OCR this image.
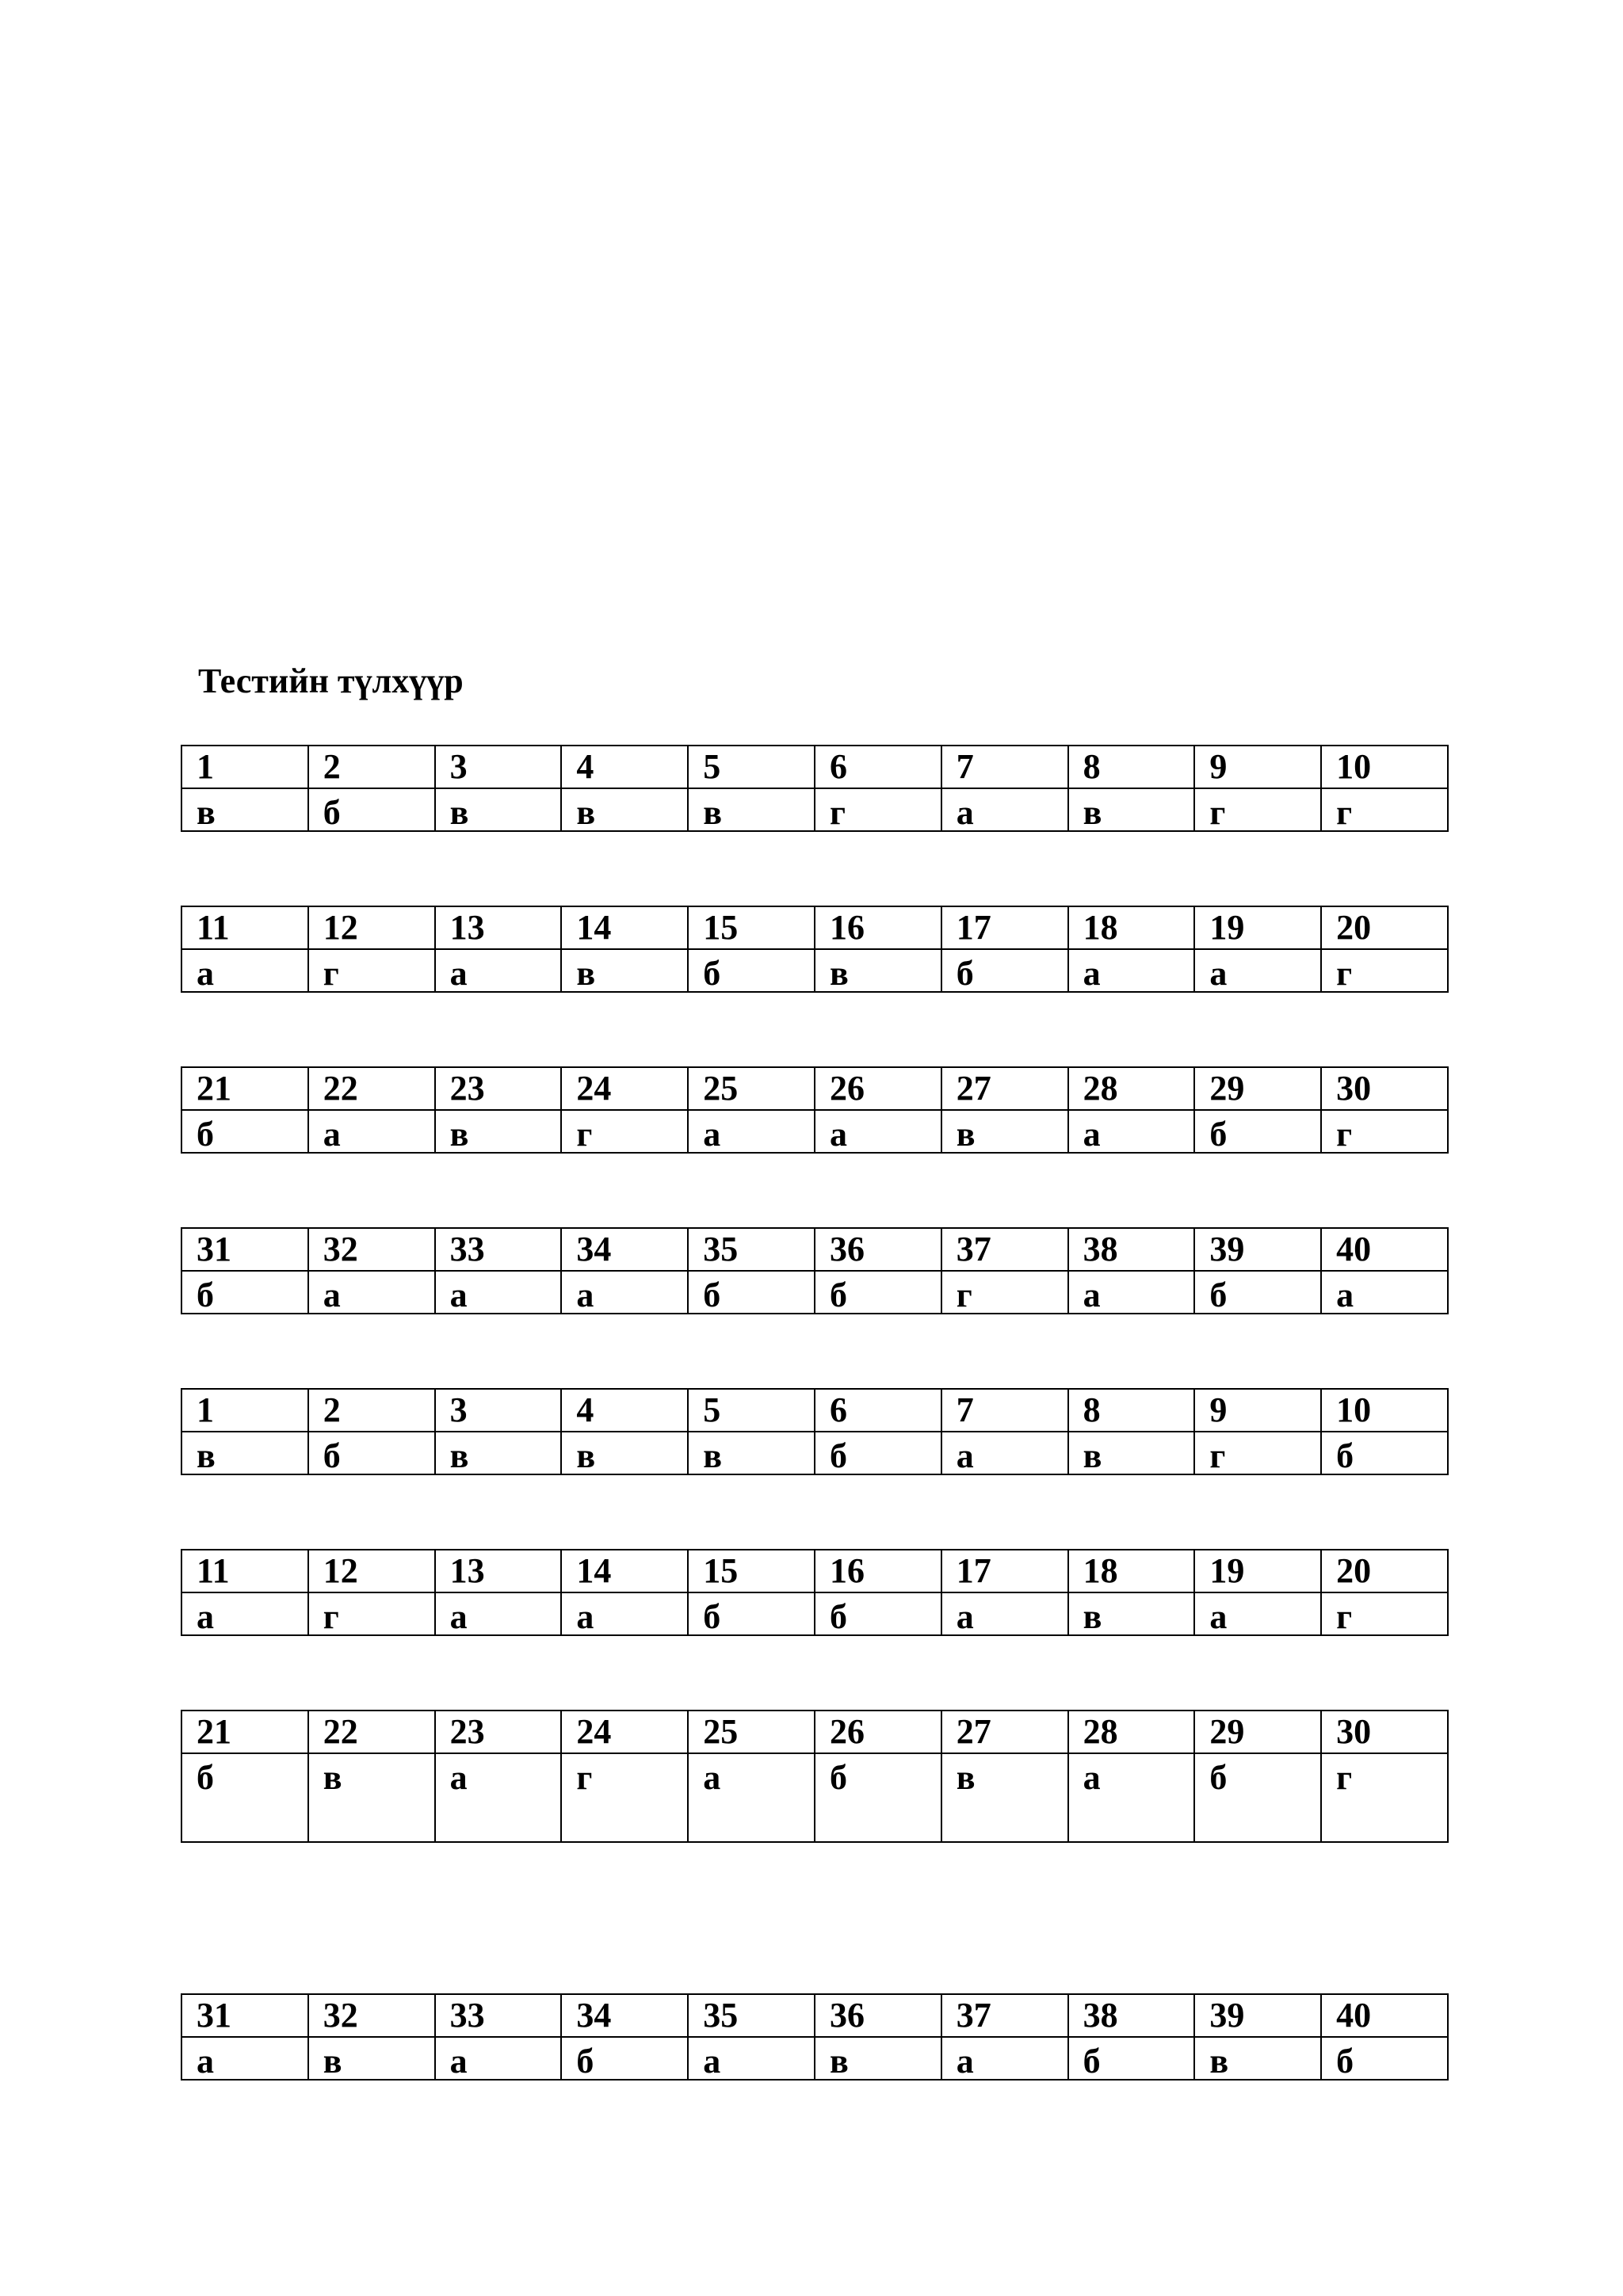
Тестийн түлхүүр
1	2	3	4	5	6	7	8	9	10
в	б	в	в	в	г	а	в	г	г
11	12	13	14	15	16	17	18	19	20
а	г	а	в	б	в	б	а	а	г
21	22	23	24	25	26	27	28	29	30
б	а	в	г	а	а	в	а	б	г
31	32	33	34	35	36	37	38	39	40
б	а	а	а	б	б	г	а	б	а
1	2	3	4	5	6	7	8	9	10
в	б	в	в	в	б	а	в	г	б
11	12	13	14	15	16	17	18	19	20
а	г	а	а	б	б	а	в	а	г
21	22	23	24	25	26	27	28	29	30
б	в	а	г	а	б	в	а	б	г
31	32	33	34	35	36	37	38	39	40
а	в	а	б	а	в	а	б	в	б
